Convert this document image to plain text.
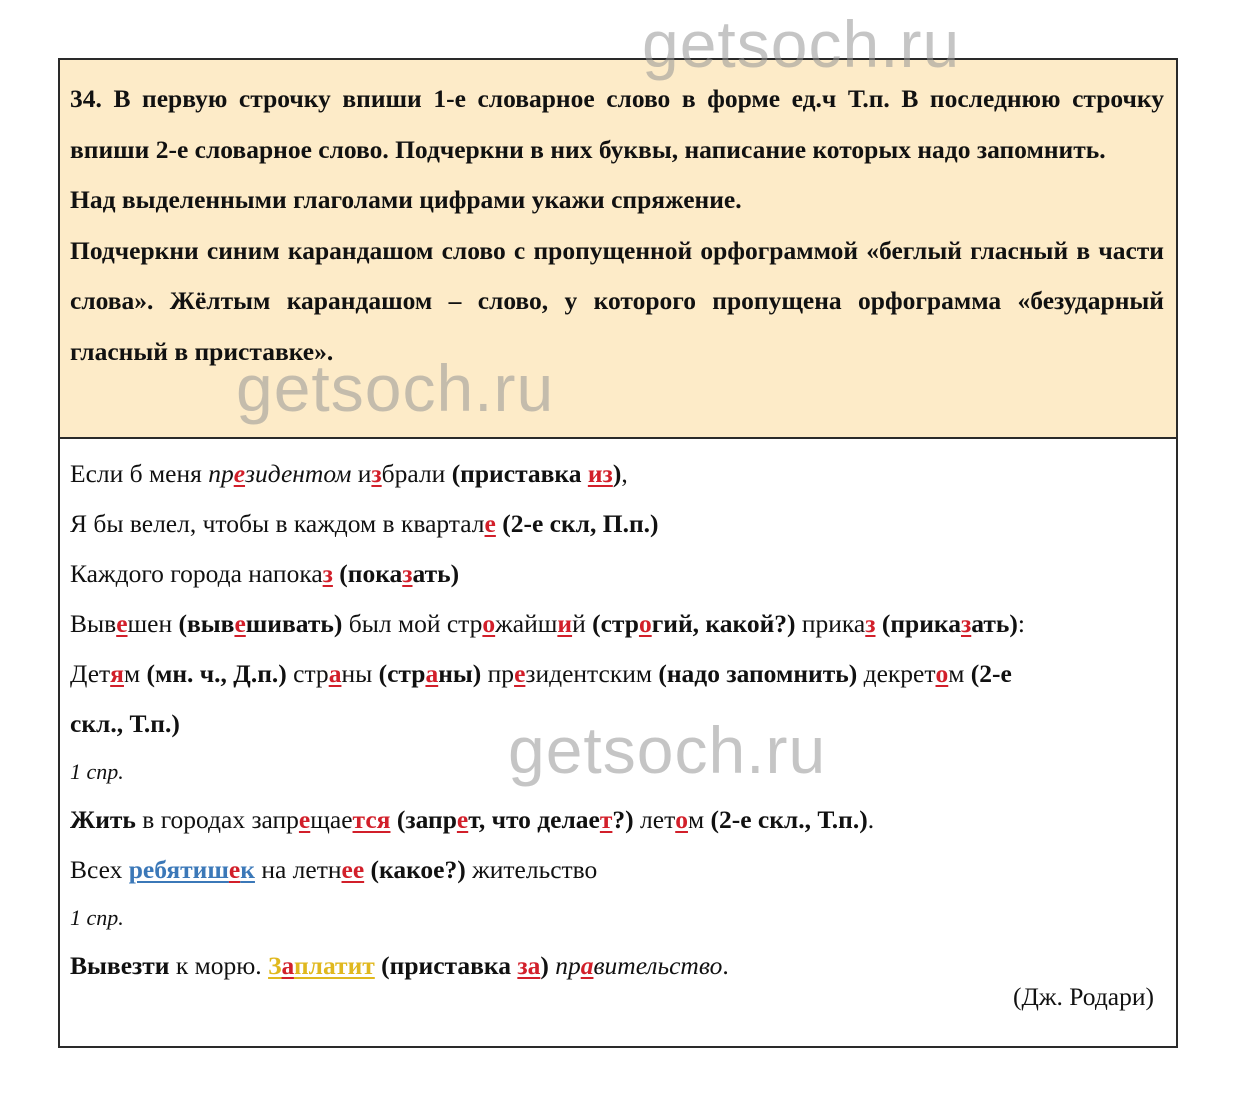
getsoch.ru
getsoch.ru
getsoch.ru

34. В первую строчку впиши 1-е словарное слово в форме ед.ч Т.п. В последнюю строчку впиши 2-е словарное слово. Подчеркни в них буквы, написание которых надо запомнить.

Над выделенными глаголами цифрами укажи спряжение.

Подчеркни синим карандашом слово с пропущенной орфограммой «беглый гласный в части слова». Жёлтым карандашом – слово, у которого пропущена орфограмма «безударный гласный в приставке».

Если б меня президентом избрали (приставка из),

Я бы велел, чтобы в каждом в квартале (2-е скл, П.п.)

Каждого города напоказ (показать)

Вывешен (вывешивать) был мой строжайший (строгий, какой?) приказ (приказать):

Детям (мн. ч., Д.п.) страны (страны) президентским (надо запомнить) декретом (2-е

скл., Т.п.)

1 спр.

Жить в городах запрещается (запрет, что делает?) летом (2-е скл., Т.п.).

Всех ребятишек на летнее (какое?) жительство

1 спр.

Вывезти к морю. Заплатит (приставка за) правительство.

(Дж. Родари)
